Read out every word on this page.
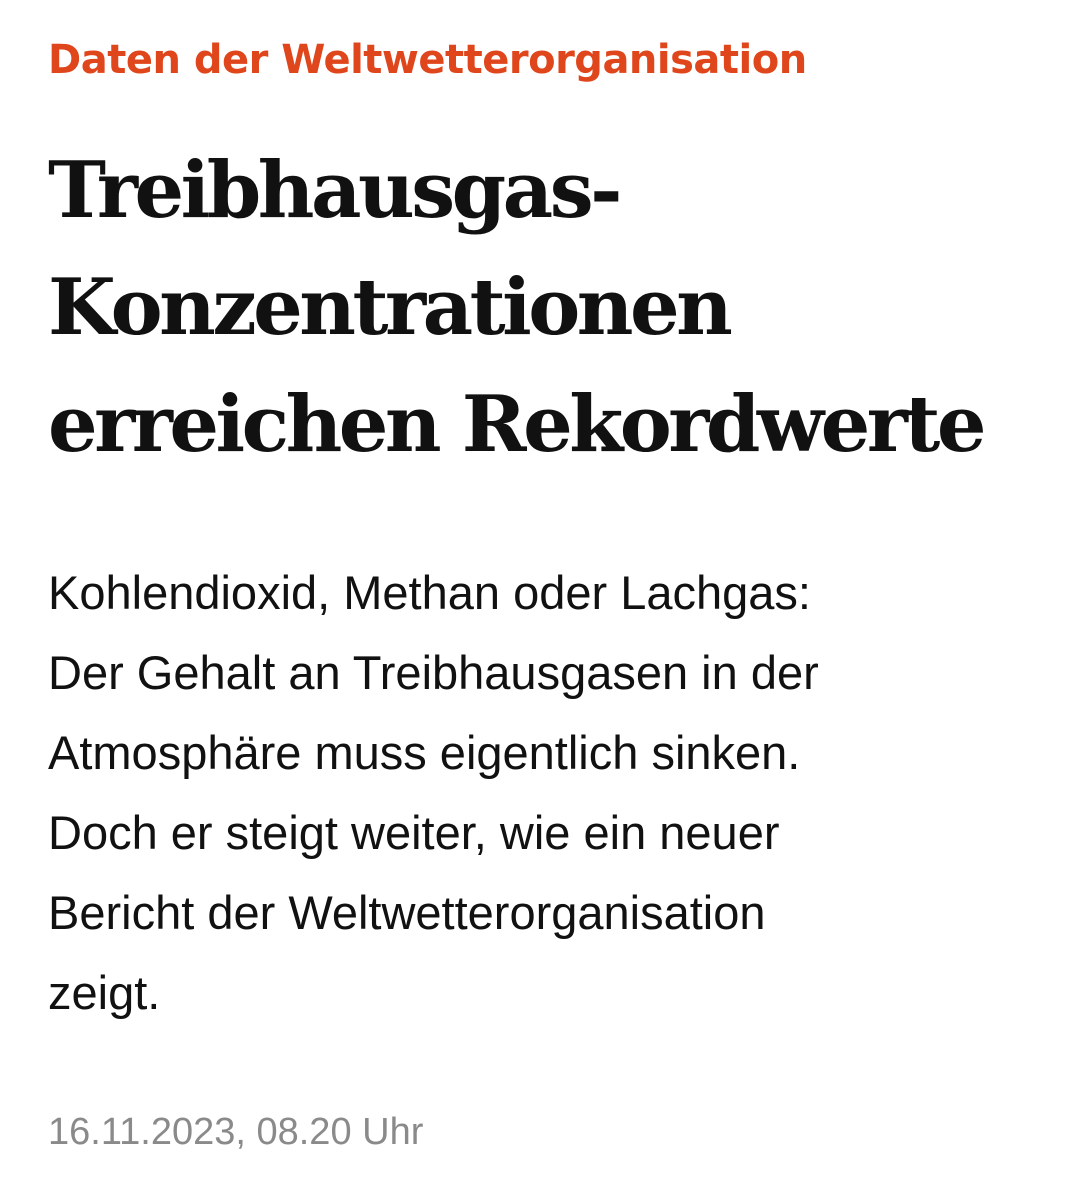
Daten der Weltwetterorganisation

Treibhausgas-
Konzentrationen
erreichen Rekordwerte

Kohlendioxid, Methan oder Lachgas:
Der Gehalt an Treibhausgasen in der
Atmosphäre muss eigentlich sinken.
Doch er steigt weiter, wie ein neuer
Bericht der Weltwetterorganisation
zeigt.

16.11.2023, 08.20 Uhr
